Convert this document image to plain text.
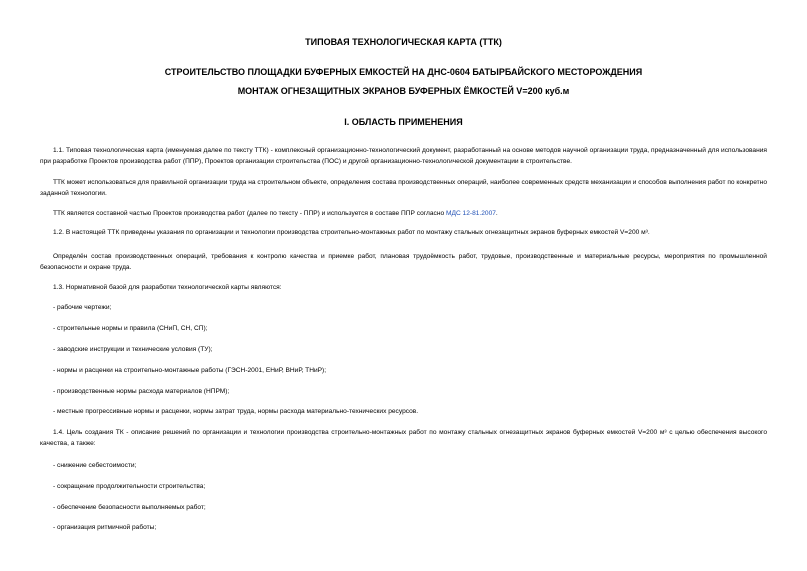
ТИПОВАЯ ТЕХНОЛОГИЧЕСКАЯ КАРТА (ТТК)
СТРОИТЕЛЬСТВО ПЛОЩАДКИ БУФЕРНЫХ ЕМКОСТЕЙ НА ДНС-0604 БАТЫРБАЙСКОГО МЕСТОРОЖДЕНИЯ
МОНТАЖ ОГНЕЗАЩИТНЫХ ЭКРАНОВ БУФЕРНЫХ ЁМКОСТЕЙ V=200 куб.м
I. ОБЛАСТЬ ПРИМЕНЕНИЯ
1.1. Типовая технологическая карта (именуемая далее по тексту ТТК) - комплексный организационно-технологический документ, разработанный на основе методов научной организации труда, предназначенный для использования при разработке Проектов производства работ (ППР), Проектов организации строительства (ПОС) и другой организационно-технологической документации в строительстве.
ТТК может использоваться для правильной организации труда на строительном объекте, определения состава производственных операций, наиболее современных средств механизации и способов выполнения работ по конкретно заданной технологии.
ТТК является составной частью Проектов производства работ (далее по тексту - ППР) и используется в составе ППР согласно МДС 12-81.2007.
1.2. В настоящей ТТК приведены указания по организации и технологии производства строительно-монтажных работ по монтажу стальных огнезащитных экранов буферных емкостей V=200 м³.
Определён состав производственных операций, требования к контролю качества и приемке работ, плановая трудоёмкость работ, трудовые, производственные и материальные ресурсы, мероприятия по промышленной безопасности и охране труда.
1.3. Нормативной базой для разработки технологической карты являются:
- рабочие чертежи;
- строительные нормы и правила (СНиП, СН, СП);
- заводские инструкции и технические условия (ТУ);
- нормы и расценки на строительно-монтажные работы (ГЭСН-2001, ЕНиР, ВНиР, ТНиР);
- производственные нормы расхода материалов (НПРМ);
- местные прогрессивные нормы и расценки, нормы затрат труда, нормы расхода материально-технических ресурсов.
1.4. Цель создания ТК - описание решений по организации и технологии производства строительно-монтажных работ по монтажу стальных огнезащитных экранов буферных емкостей V=200 м³ с целью обеспечения высокого качества, а также:
- снижение себестоимости;
- сокращение продолжительности строительства;
- обеспечение безопасности выполняемых работ;
- организация ритмичной работы;
